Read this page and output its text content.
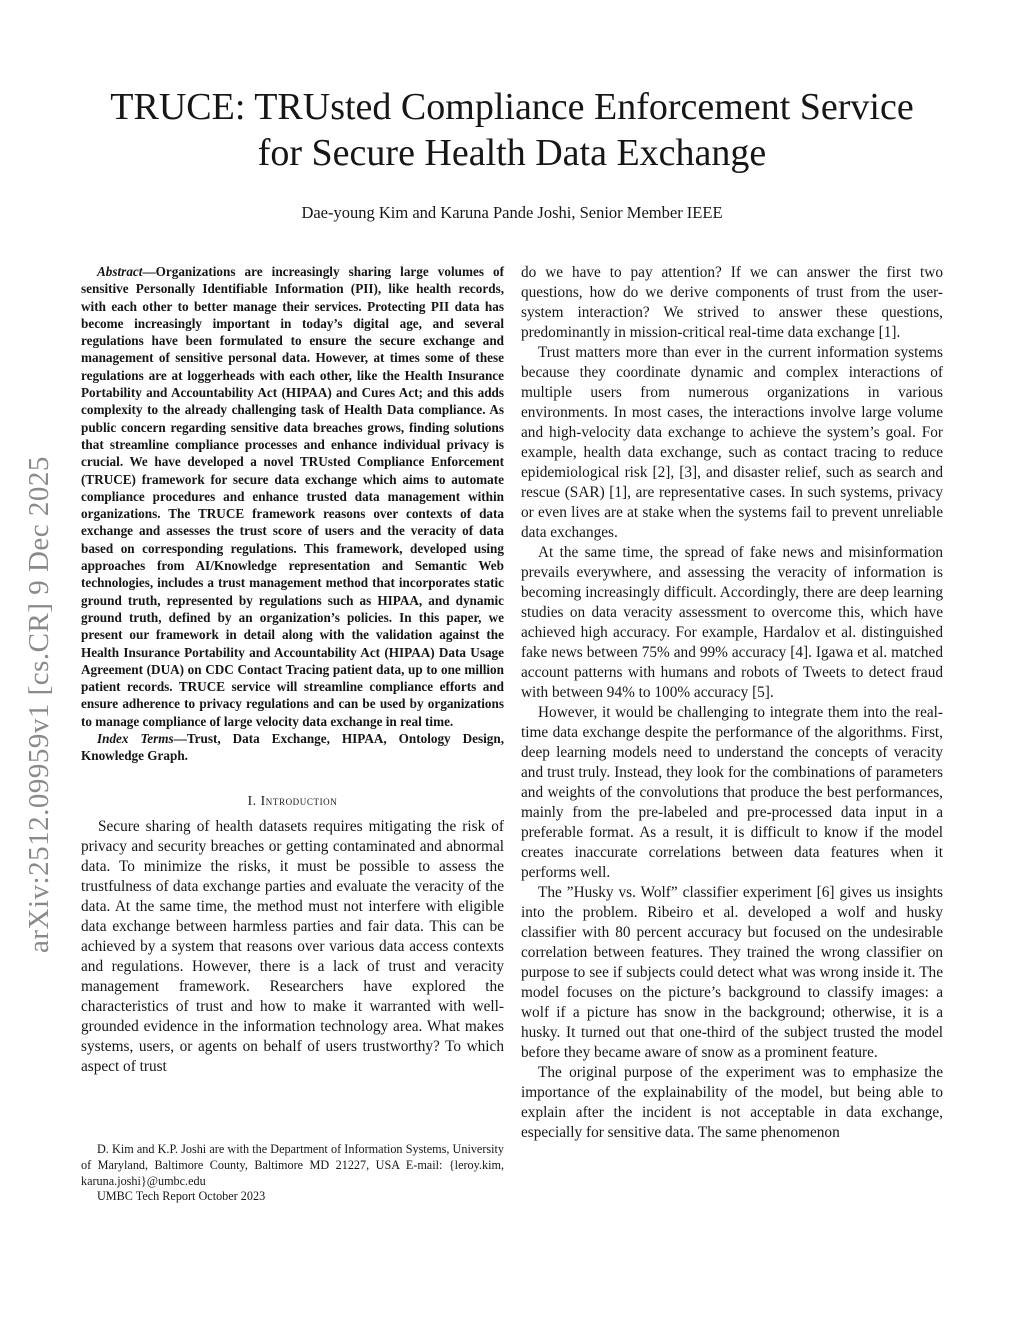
TRUCE: TRUsted Compliance Enforcement Service
for Secure Health Data Exchange
Dae-young Kim and Karuna Pande Joshi, Senior Member IEEE
arXiv:2512.09959v1 [cs.CR] 9 Dec 2025

Abstract—Organizations are increasingly sharing large volumes of sensitive Personally Identifiable Information (PII), like health records, with each other to better manage their services. Protecting PII data has become increasingly important in today’s digital age, and several regulations have been formulated to ensure the secure exchange and management of sensitive personal data. However, at times some of these regulations are at loggerheads with each other, like the Health Insurance Portability and Accountability Act (HIPAA) and Cures Act; and this adds complexity to the already challenging task of Health Data compliance. As public concern regarding sensitive data breaches grows, finding solutions that streamline compliance processes and enhance individual privacy is crucial. We have developed a novel TRUsted Compliance Enforcement (TRUCE) framework for secure data exchange which aims to automate compliance procedures and enhance trusted data management within organizations. The TRUCE framework reasons over contexts of data exchange and assesses the trust score of users and the veracity of data based on corresponding regulations. This framework, developed using approaches from AI/Knowledge representation and Semantic Web technologies, includes a trust management method that incorporates static ground truth, represented by regulations such as HIPAA, and dynamic ground truth, defined by an organization’s policies. In this paper, we present our framework in detail along with the validation against the Health Insurance Portability and Accountability Act (HIPAA) Data Usage Agreement (DUA) on CDC Contact Tracing patient data, up to one million patient records. TRUCE service will streamline compliance efforts and ensure adherence to privacy regulations and can be used by organizations to manage compliance of large velocity data exchange in real time.

Index Terms—Trust, Data Exchange, HIPAA, Ontology Design, Knowledge Graph.

I. Introduction

Secure sharing of health datasets requires mitigating the risk of privacy and security breaches or getting contaminated and abnormal data. To minimize the risks, it must be possible to assess the trustfulness of data exchange parties and evaluate the veracity of the data. At the same time, the method must not interfere with eligible data exchange between harmless parties and fair data. This can be achieved by a system that reasons over various data access contexts and regulations. However, there is a lack of trust and veracity management framework. Researchers have explored the characteristics of trust and how to make it warranted with well-grounded evidence in the information technology area. What makes systems, users, or agents on behalf of users trustworthy? To which aspect of trust

D. Kim and K.P. Joshi are with the Department of Information Systems, University of Maryland, Baltimore County, Baltimore MD 21227, USA E-mail: {leroy.kim, karuna.joshi}@umbc.edu

UMBC Tech Report October 2023

do we have to pay attention? If we can answer the first two questions, how do we derive components of trust from the user-system interaction? We strived to answer these questions, predominantly in mission-critical real-time data exchange [1].

Trust matters more than ever in the current information systems because they coordinate dynamic and complex interactions of multiple users from numerous organizations in various environments. In most cases, the interactions involve large volume and high-velocity data exchange to achieve the system’s goal. For example, health data exchange, such as contact tracing to reduce epidemiological risk [2], [3], and disaster relief, such as search and rescue (SAR) [1], are representative cases. In such systems, privacy or even lives are at stake when the systems fail to prevent unreliable data exchanges.

At the same time, the spread of fake news and misinformation prevails everywhere, and assessing the veracity of information is becoming increasingly difficult. Accordingly, there are deep learning studies on data veracity assessment to overcome this, which have achieved high accuracy. For example, Hardalov et al. distinguished fake news between 75% and 99% accuracy [4]. Igawa et al. matched account patterns with humans and robots of Tweets to detect fraud with between 94% to 100% accuracy [5].

However, it would be challenging to integrate them into the real-time data exchange despite the performance of the algorithms. First, deep learning models need to understand the concepts of veracity and trust truly. Instead, they look for the combinations of parameters and weights of the convolutions that produce the best performances, mainly from the pre-labeled and pre-processed data input in a preferable format. As a result, it is difficult to know if the model creates inaccurate correlations between data features when it performs well.

The ”Husky vs. Wolf” classifier experiment [6] gives us insights into the problem. Ribeiro et al. developed a wolf and husky classifier with 80 percent accuracy but focused on the undesirable correlation between features. They trained the wrong classifier on purpose to see if subjects could detect what was wrong inside it. The model focuses on the picture’s background to classify images: a wolf if a picture has snow in the background; otherwise, it is a husky. It turned out that one-third of the subject trusted the model before they became aware of snow as a prominent feature.

The original purpose of the experiment was to emphasize the importance of the explainability of the model, but being able to explain after the incident is not acceptable in data exchange, especially for sensitive data. The same phenomenon
